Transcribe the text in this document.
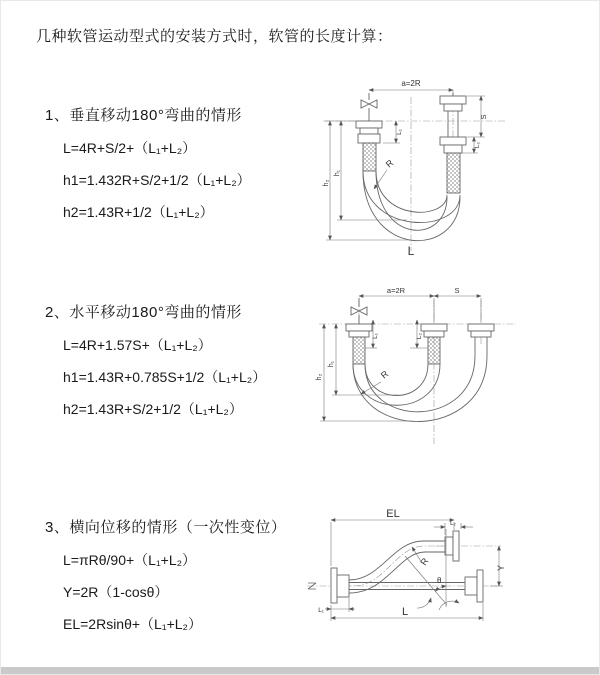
几种软管运动型式的安装方式时，软管的长度计算：
1、垂直移动180°弯曲的情形
L=4R+S/2+（L₁+L₂）
h1=1.432R+S/2+1/2（L₁+L₂）
h2=1.43R+1/2（L₁+L₂）
2、水平移动180°弯曲的情形
L=4R+1.57S+（L₁+L₂）
h1=1.43R+0.785S+1/2（L₁+L₂）
h2=1.43R+S/2+1/2（L₁+L₂）
3、横向位移的情形（一次性变位）
L=πRθ/90+（L₁+L₂）
Y=2R（1-cosθ）
EL=2Rsinθ+（L₁+L₂）
a=2R
L₁
S
L₂
h₁
h₂
R
L
a=2R	S
L₁	L₂
h₁
h₂	R
EL
L₂
R
Y
θ
L
L₁
